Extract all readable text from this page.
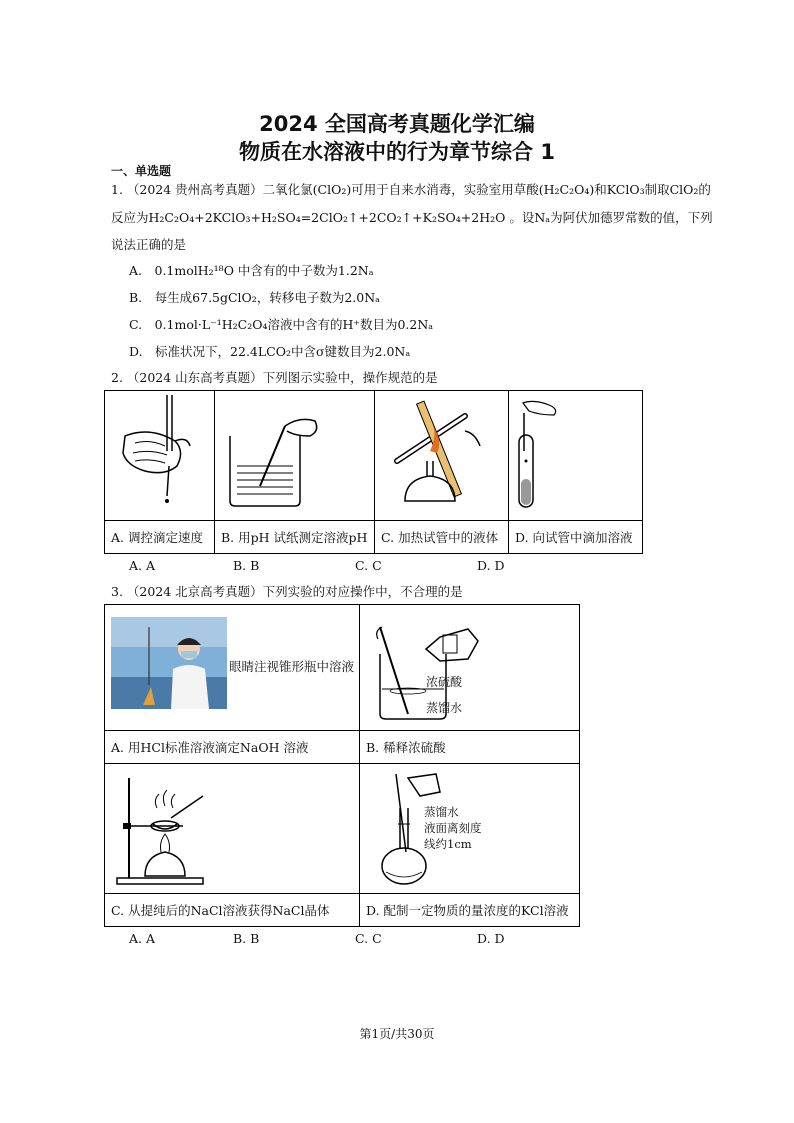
2024 全国高考真题化学汇编
物质在水溶液中的行为章节综合 1
一、单选题
1. （2024 贵州高考真题）二氧化氯(ClO₂)可用于自来水消毒，实验室用草酸(H₂C₂O₄)和KClO₃制取ClO₂的
反应为H₂C₂O₄+2KClO₃+H₂SO₄=2ClO₂↑+2CO₂↑+K₂SO₄+2H₂O 。设Nₐ为阿伏加德罗常数的值，下列
说法正确的是
A.　0.1molH₂¹⁸O 中含有的中子数为1.2Nₐ
B.　每生成67.5gClO₂，转移电子数为2.0Nₐ
C.　0.1mol·L⁻¹H₂C₂O₄溶液中含有的H⁺数目为0.2Nₐ
D.　标准状况下，22.4LCO₂中含σ键数目为2.0Nₐ
2. （2024 山东高考真题）下列图示实验中，操作规范的是

A. 调控滴定速度	B. 用pH 试纸测定溶液pH	C. 加热试管中的液体	D. 向试管中滴加溶液
A. A	B. B	C. C	D. D
3. （2024 北京高考真题）下列实验的对应操作中，不合理的是
眼睛注视锥形瓶中溶液	浓硫酸
蒸馏水

A. 用HCl标准溶液滴定NaOH 溶液	B. 稀释浓硫酸

蒸馏水
液面离刻度
线约1cm

C. 从提纯后的NaCl溶液获得NaCl晶体	D. 配制一定物质的量浓度的KCl溶液
A. A	B. B	C. C	D. D
第1页/共30页
